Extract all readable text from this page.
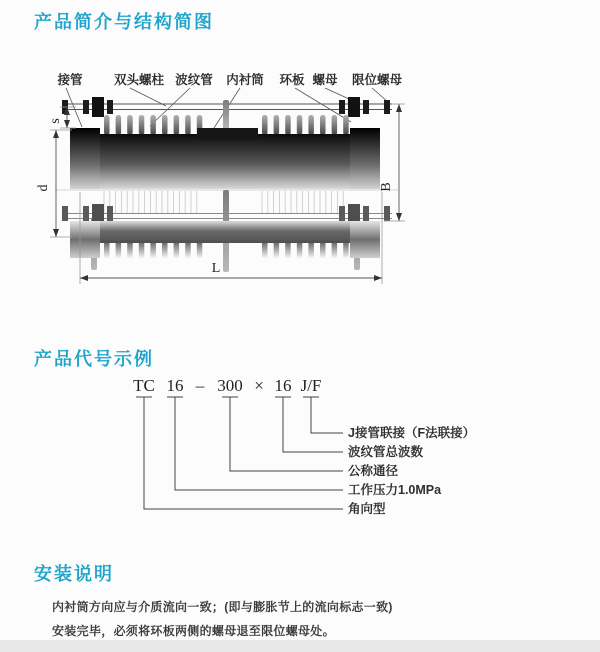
产品简介与结构简图
接管	双头螺柱 波纹管 内衬筒 环板 螺母 限位螺母
s
d	B
L
产品代号示例
TC 16 – 300 × 16 J/F
J接管联接（F法联接）
波纹管总波数
公称通径
工作压力1.0MPa
角向型
安装说明
内衬筒方向应与介质流向一致；(即与膨胀节上的流向标志一致)
安装完毕，必须将环板两侧的螺母退至限位螺母处。
